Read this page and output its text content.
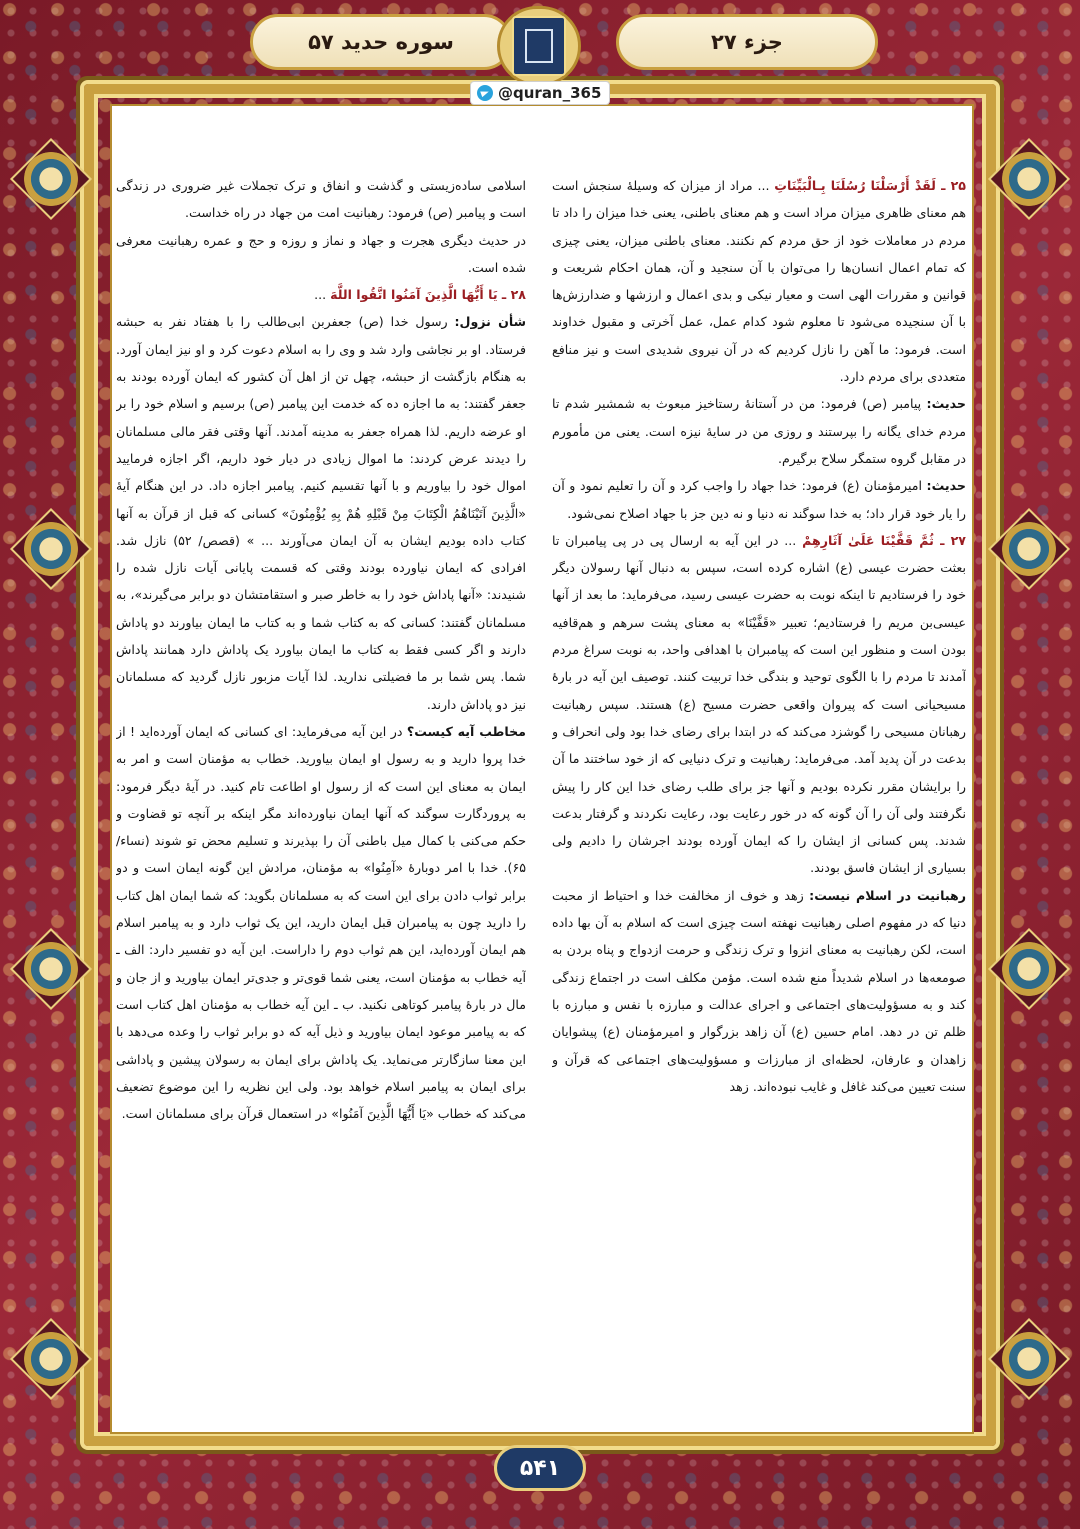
سوره حدید ۵۷	جزء ۲۷
@quran_365

۲۵ ـ لَقَدْ أَرْسَلْنَا رُسُلَنَا بِـالْبَيِّنَاتِ ... مراد از میزان که وسیلۀ سنجش است هم معنای ظاهری میزان مراد است و هم معنای باطنی، یعنی خدا میزان را داد تا مردم در معاملات خود از حق مردم کم نکنند. معنای باطنی میزان، یعنی چیزی که تمام اعمال انسان‌ها را می‌توان با آن سنجید و آن، همان احکام شریعت و قوانین و مقررات الهی است و معیار نیکی و بدی اعمال و ارزشها و ضدارزش‌ها با آن سنجیده می‌شود تا معلوم شود کدام عمل، عمل آخرتی و مقبول خداوند است. فرمود: ما آهن را نازل کردیم که در آن نیروی شدیدی است و نیز منافع متعددی برای مردم دارد.

حدیث: پیامبر (ص) فرمود: من در آستانۀ رستاخیز مبعوث به شمشیر شدم تا مردم خدای یگانه را بپرستند و روزی من در سایۀ نیزه است. یعنی من مأمورم در مقابل گروه ستمگر سلاح برگیرم.

حدیث: امیرمؤمنان (ع) فرمود: خدا جهاد را واجب کرد و آن را تعلیم نمود و آن را یار خود قرار داد؛ به خدا سوگند نه دنیا و نه دین جز با جهاد اصلاح نمی‌شود.

۲۷ ـ ثُمَّ قَفَّيْنَا عَلَىٰ آثَارِهِمْ ... در این آیه به ارسال پی در پی پیامبران تا بعثت حضرت عیسی (ع) اشاره کرده است، سپس به دنبال آنها رسولان دیگر خود را فرستادیم تا اینکه نوبت به حضرت عیسی رسید، می‌فرماید: ما بعد از آنها عیسی‌بن مریم را فرستادیم؛ تعبیر «قَفَّيْنَا» به معنای پشت سرهم و هم‌قافیه بودن است و منظور این است که پیامبران با اهدافی واحد، به نوبت سراغ مردم آمدند تا مردم را با الگوی توحید و بندگی خدا تربیت کنند. توصیف این آیه در بارۀ مسیحیانی است که پیروان واقعی حضرت مسیح (ع) هستند. سپس رهبانیت رهبانان مسیحی را گوشزد می‌کند که در ابتدا برای رضای خدا بود ولی انحراف و بدعت در آن پدید آمد. می‌فرماید: رهبانیت و ترک دنیایی که از خود ساختند ما آن را برایشان مقرر نکرده بودیم و آنها جز برای طلب رضای خدا این کار را پیش نگرفتند ولی آن را آن گونه که در خور رعایت بود، رعایت نکردند و گرفتار بدعت شدند. پس کسانی از ایشان را که ایمان آورده بودند اجرشان را دادیم ولی بسیاری از ایشان فاسق بودند.

رهبانیت در اسلام نیست: زهد و خوف از مخالفت خدا و احتیاط از محبت دنیا که در مفهوم اصلی رهبانیت نهفته است چیزی است که اسلام به آن بها داده است، لکن رهبانیت به معنای انزوا و ترک زندگی و حرمت ازدواج و پناه بردن به صومعه‌ها در اسلام شدیداً منع شده است. مؤمن مکلف است در اجتماع زندگی کند و به مسؤولیت‌های اجتماعی و اجرای عدالت و مبارزه با نفس و مبارزه با ظلم تن در دهد. امام حسین (ع) آن زاهد بزرگوار و امیرمؤمنان (ع) پیشوایان زاهدان و عارفان، لحظه‌ای از مبارزات و مسؤولیت‌های اجتماعی که قرآن و سنت تعیین می‌کند غافل و غایب نبوده‌اند. زهد

اسلامی ساده‌زیستی و گذشت و انفاق و ترک تجملات غیر ضروری در زندگی است و پیامبر (ص) فرمود: رهبانیت امت من جهاد در راه خداست.

در حدیث دیگری هجرت و جهاد و نماز و روزه و حج و عمره رهبانیت معرفی شده است.

۲۸ ـ يَا أَيُّهَا الَّذِينَ آمَنُوا اتَّقُوا اللَّهَ ...

شأن نزول: رسول خدا (ص) جعفربن ابی‌طالب را با هفتاد نفر به حبشه فرستاد. او بر نجاشی وارد شد و وی را به اسلام دعوت کرد و او نیز ایمان آورد. به هنگام بازگشت از حبشه، چهل تن از اهل آن کشور که ایمان آورده بودند به جعفر گفتند: به ما اجازه ده که خدمت این پیامبر (ص) برسیم و اسلام خود را بر او عرضه داریم. لذا همراه جعفر به مدینه آمدند. آنها وقتی فقر مالی مسلمانان را دیدند عرض کردند: ما اموال زیادی در دیار خود داریم، اگر اجازه فرمایید اموال خود را بیاوریم و با آنها تقسیم کنیم. پیامبر اجازه داد. در این هنگام آیۀ «الَّذِينَ آتَيْنَاهُمُ الْكِتَابَ مِنْ قَبْلِهِ هُمْ بِهِ يُؤْمِنُونَ» کسانی که قبل از قرآن به آنها کتاب داده بودیم ایشان به آن ایمان می‌آورند ... » (قصص/ ۵۲) نازل شد. افرادی که ایمان نیاورده بودند وقتی که قسمت پایانی آیات نازل شده را شنیدند: «آنها پاداش خود را به خاطر صبر و استقامتشان دو برابر می‌گیرند»، به مسلمانان گفتند: کسانی که به کتاب شما و به کتاب ما ایمان بیاورند دو پاداش دارند و اگر کسی فقط به کتاب ما ایمان بیاورد یک پاداش دارد همانند پاداش شما. پس شما بر ما فضیلتی ندارید. لذا آیات مزبور نازل گردید که مسلمانان نیز دو پاداش دارند.

مخاطب آیه کیست؟ در این آیه می‌فرماید: ای کسانی که ایمان آورده‌اید ! از خدا پروا دارید و به رسول او ایمان بیاورید. خطاب به مؤمنان است و امر به ایمان به معنای این است که از رسول او اطاعت تام کنید. در آیۀ دیگر فرمود: به پروردگارت سوگند که آنها ایمان نیاورده‌اند مگر اینکه بر آنچه تو قضاوت و حکم می‌کنی با کمال میل باطنی آن را بپذیرند و تسلیم محض تو شوند (نساء/ ۶۵). خدا با امر دوبارۀ «آمِنُوا» به مؤمنان، مرادش این گونه ایمان است و دو برابر ثواب دادن برای این است که به مسلمانان بگوید: که شما ایمان اهل کتاب را دارید چون به پیامبران قبل ایمان دارید، این یک ثواب دارد و به پیامبر اسلام هم ایمان آورده‌اید، این هم ثواب دوم را داراست. این آیه دو تفسیر دارد: الف ـ آیه خطاب به مؤمنان است، یعنی شما قوی‌تر و جدی‌تر ایمان بیاورید و از جان و مال در بارۀ پیامبر کوتاهی نکنید. ب ـ این آیه خطاب به مؤمنان اهل کتاب است که به پیامبر موعود ایمان بیاورید و ذیل آیه که دو برابر ثواب را وعده می‌دهد با این معنا سازگارتر می‌نماید. یک پاداش برای ایمان به رسولان پیشین و پاداشی برای ایمان به پیامبر اسلام خواهد بود. ولی این نظریه را این موضوع تضعیف می‌کند که خطاب «يَا أَيُّهَا الَّذِينَ آمَنُوا» در استعمال قرآن برای مسلمانان است.

۵۴۱
